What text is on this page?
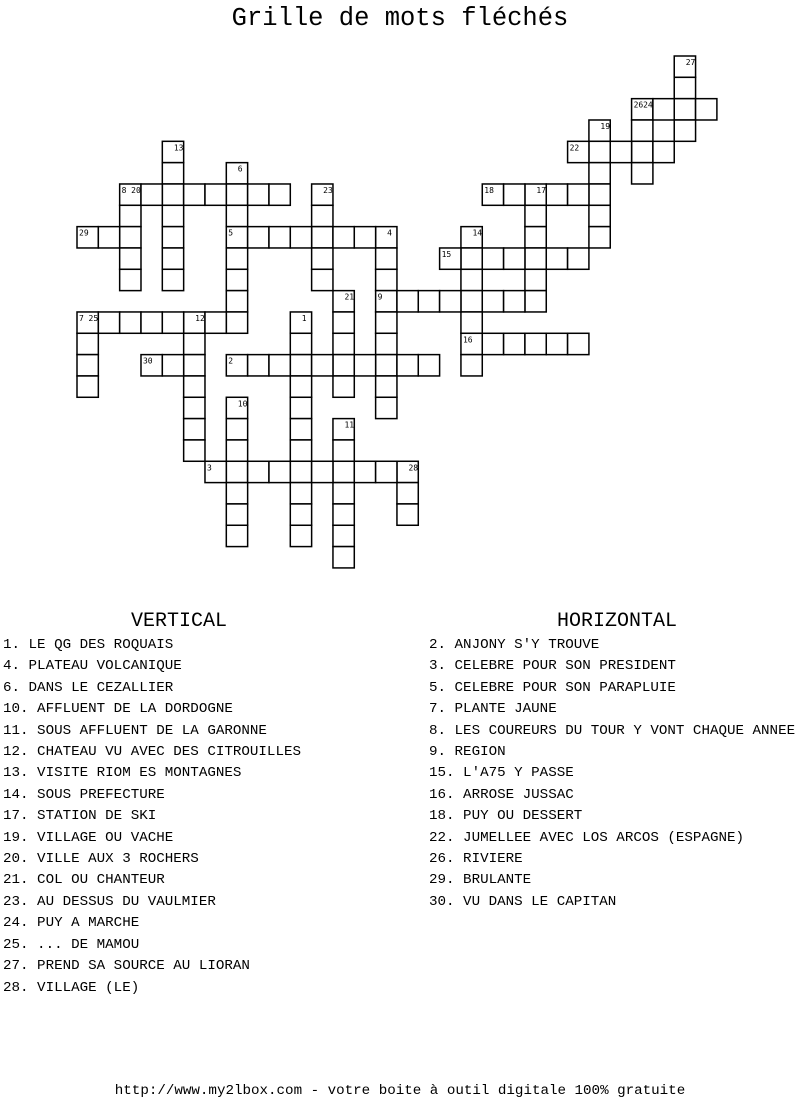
Grille de mots fléchés
1
4
6
10
11
12
13
14
17
19
20
21
23
24
25
27
28
2
3
5
7
8
9
15
16
18
22
26
29
30
VERTICAL
1. LE QG DES ROQUAIS
4. PLATEAU VOLCANIQUE
6. DANS LE CEZALLIER
10. AFFLUENT DE LA DORDOGNE
11. SOUS AFFLUENT DE LA GARONNE
12. CHATEAU VU AVEC DES CITROUILLES
13. VISITE RIOM ES MONTAGNES
14. SOUS PREFECTURE
17. STATION DE SKI
19. VILLAGE OU VACHE
20. VILLE AUX 3 ROCHERS
21. COL OU CHANTEUR
23. AU DESSUS DU VAULMIER
24. PUY A MARCHE
25. ... DE MAMOU
27. PREND SA SOURCE AU LIORAN
28. VILLAGE (LE)
HORIZONTAL
2. ANJONY S'Y TROUVE
3. CELEBRE POUR SON PRESIDENT
5. CELEBRE POUR SON PARAPLUIE
7. PLANTE JAUNE
8. LES COUREURS DU TOUR Y VONT CHAQUE ANNEE
9. REGION
15. L'A75 Y PASSE
16. ARROSE JUSSAC
18. PUY OU DESSERT
22. JUMELLEE AVEC LOS ARCOS (ESPAGNE)
26. RIVIERE
29. BRULANTE
30. VU DANS LE CAPITAN
http://www.my2lbox.com - votre boite à outil digitale 100% gratuite
